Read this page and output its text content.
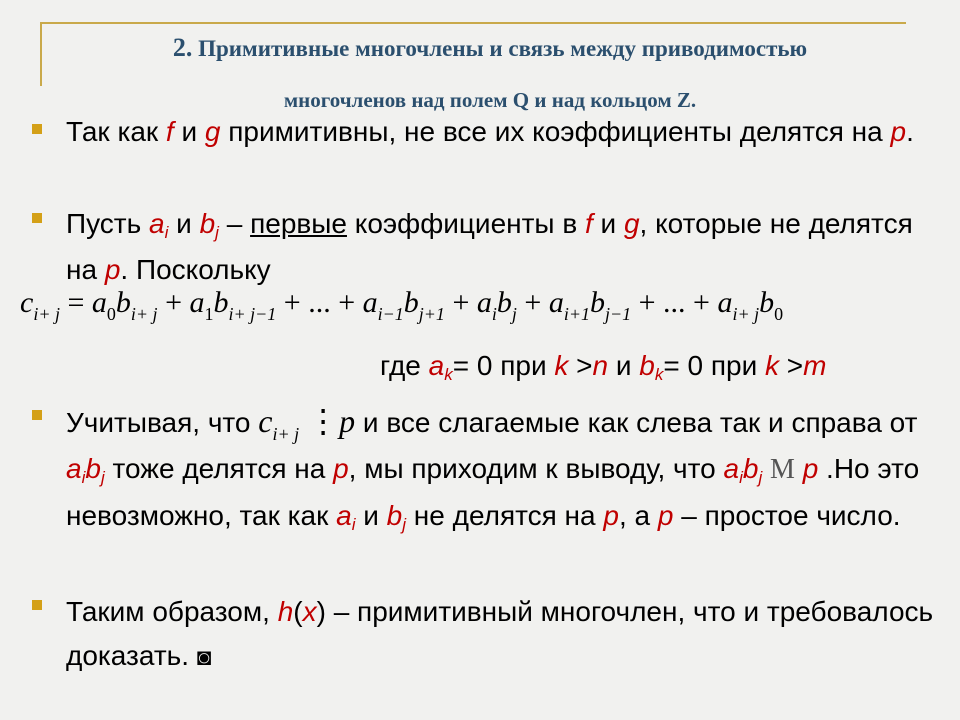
2. Примитивные многочлены и связь между приводимостью
многочленов над полем Q и над кольцом Z.
Так как f и g примитивны, не все их коэффициенты делятся на p.
Пусть $a_i$ и $b_j$ – первые коэффициенты в f и g, которые не делятся на p. Поскольку
$c_{i+ j} = a_0b_{i+ j} + a_1b_{i+ j-1}$ + ... + $a_{i-1}b_{j+1} + a_ib_j + a_{i+1}b_{j-1}$ + ... + $a_{i+ j}b_0$
где $a_k= 0$ при k >n и $b_k= 0$ при k >m
Учитывая, что $c_{i+ j}$ ⋮p и все слагаемые как слева так и справа от $a_ib_j$ тоже делятся на p, мы приходим к выводу, что $a_ib_j$ M p .Но это невозможно, так как $a_i$ и $b_j$ не делятся на p, а p – простое число.
Таким образом, h(x) – примитивный многочлен, что и требовалось доказать. ◙
